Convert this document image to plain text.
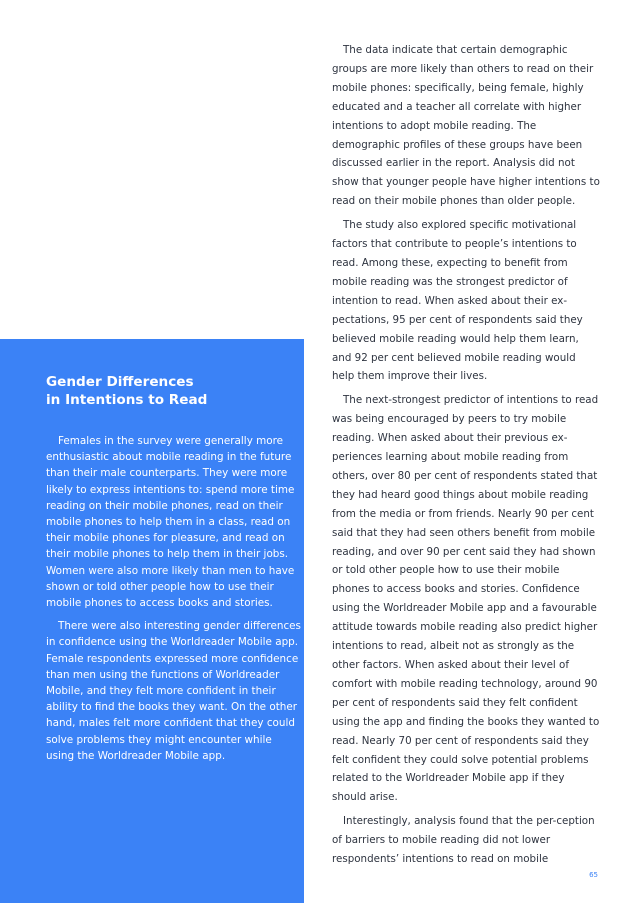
Gender Differences
in Intentions to Read

Females in the survey were generally more enthusiastic about mobile reading in the future than their male counterparts. They were more likely to express intentions to: spend more time reading on their mobile phones, read on their mobile phones to help them in a class, read on their mobile phones for pleasure, and read on their mobile phones to help them in their jobs. Women were also more likely than men to have shown or told other people how to use their mobile phones to access books and stories.

There were also interesting gender differences in confidence using the Worldreader Mobile app. Female respondents expressed more confidence than men using the functions of Worldreader Mobile, and they felt more confident in their ability to find the books they want. On the other hand, males felt more confident that they could solve problems they might encounter while using the Worldreader Mobile app.

The data indicate that certain demographic groups are more likely than others to read on their mobile phones: specifically, being female, highly educated and a teacher all correlate with higher intentions to adopt mobile reading. The demographic profiles of these groups have been discussed earlier in the report. Analysis did not show that younger people have higher intentions to read on their mobile phones than older people.

The study also explored specific motivational factors that contribute to people’s intentions to read. Among these, expecting to benefit from mobile reading was the strongest predictor of intention to read. When asked about their ex-pectations, 95 per cent of respondents said they believed mobile reading would help them learn, and 92 per cent believed mobile reading would help them improve their lives.

The next-strongest predictor of intentions to read was being encouraged by peers to try mobile reading. When asked about their previous ex-periences learning about mobile reading from others, over 80 per cent of respondents stated that they had heard good things about mobile reading from the media or from friends. Nearly 90 per cent said that they had seen others benefit from mobile reading, and over 90 per cent said they had shown or told other people how to use their mobile phones to access books and stories. Confidence using the Worldreader Mobile app and a favourable attitude towards mobile reading also predict higher intentions to read, albeit not as strongly as the other factors. When asked about their level of comfort with mobile reading technology, around 90 per cent of respondents said they felt confident using the app and finding the books they wanted to read. Nearly 70 per cent of respondents said they felt confident they could solve potential problems related to the Worldreader Mobile app if they should arise.

Interestingly, analysis found that the per-ception of barriers to mobile reading did not lower respondents’ intentions to read on mobile

65
